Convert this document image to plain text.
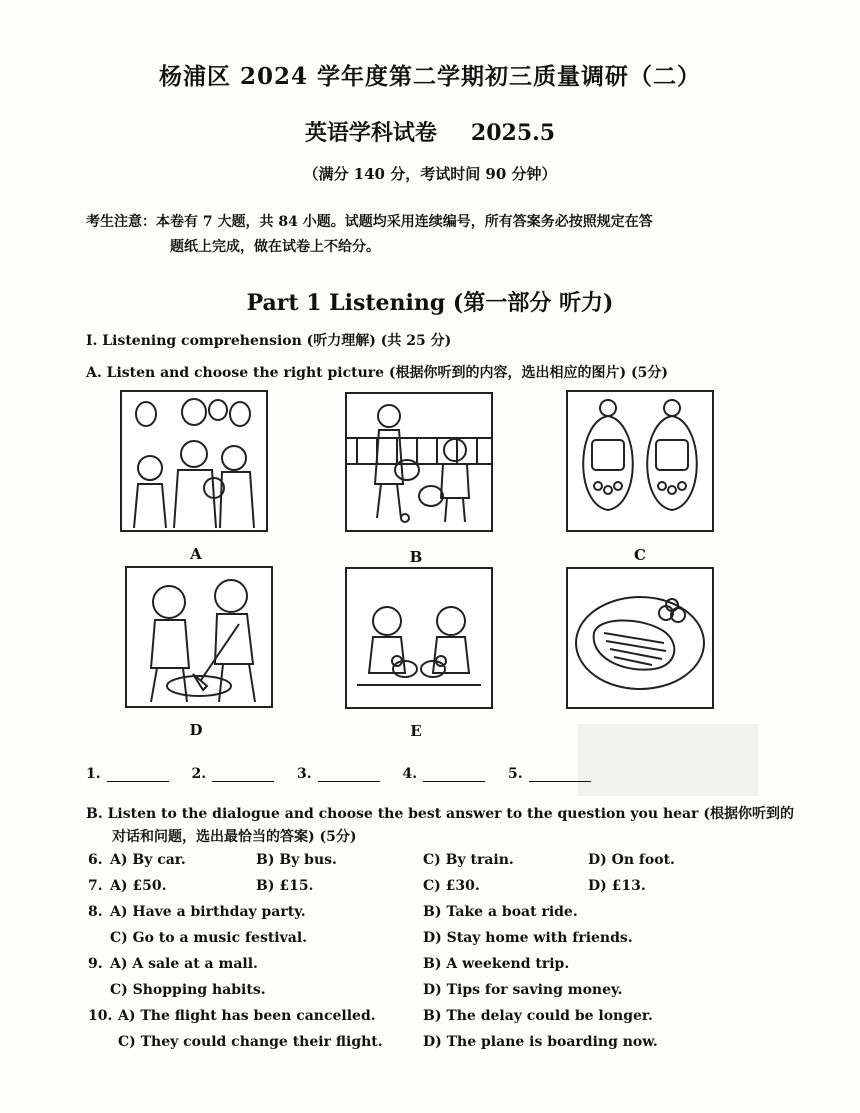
杨浦区 2024 学年度第二学期初三质量调研（二）
英语学科试卷 2025.5
（满分 140 分，考试时间 90 分钟）
考生注意：本卷有 7 大题，共 84 小题。试题均采用连续编号，所有答案务必按照规定在答
题纸上完成，做在试卷上不给分。
Part 1 Listening (第一部分 听力)
I. Listening comprehension (听力理解) (共 25 分)
A. Listen and choose the right picture (根据你听到的内容，选出相应的图片) (5分)
A	B	C
D	E
1.	2.	3.	4.	5.
B. Listen to the dialogue and choose the best answer to the question you hear (根据你听到的
对话和问题，选出最恰当的答案) (5分)
6. A) By car.	B) By bus.	C) By train.	D) On foot.
7. A) £50.	B) £15.	C) £30.	D) £13.
8. A) Have a birthday party.	B) Take a boat ride.
C) Go to a music festival.	D) Stay home with friends.
9. A) A sale at a mall.	B) A weekend trip.
C) Shopping habits.	D) Tips for saving money.
10. A) The flight has been cancelled.	B) The delay could be longer.
C) They could change their flight.	D) The plane is boarding now.
